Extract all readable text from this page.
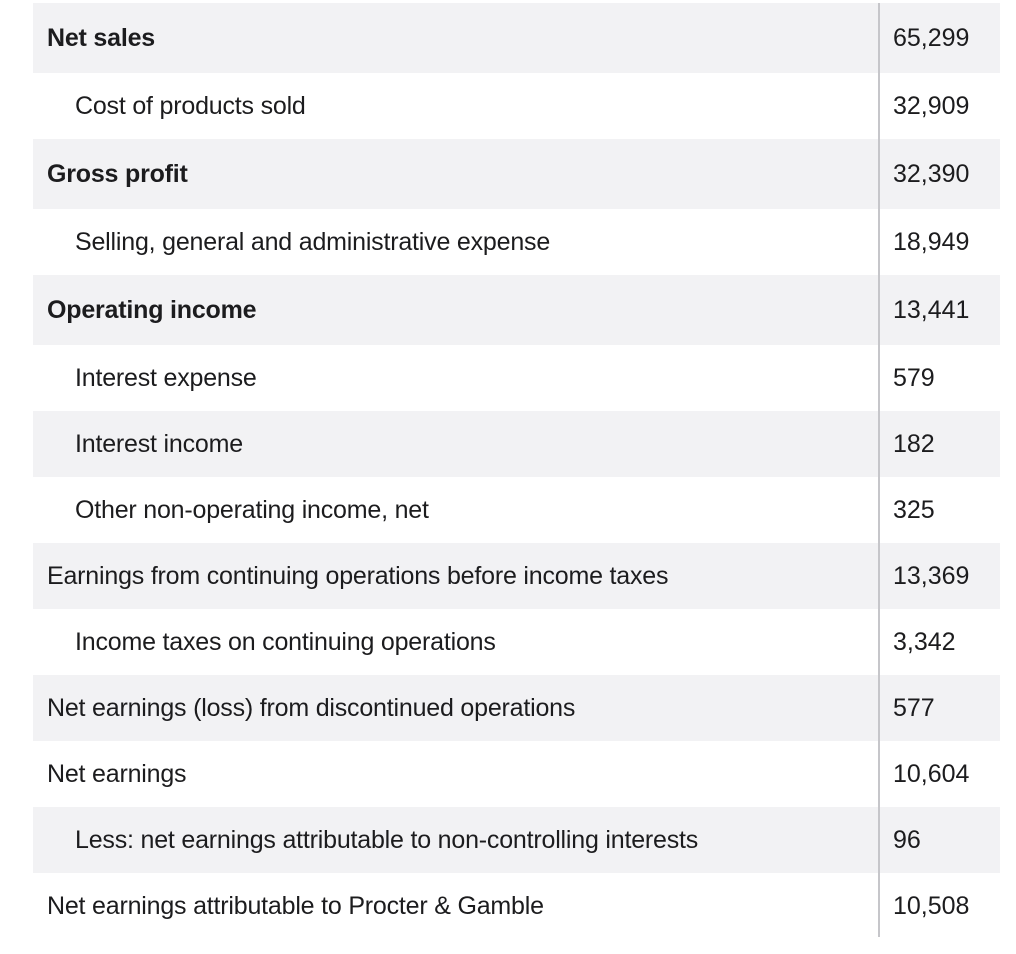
Net sales	65,299
Cost of products sold	32,909
Gross profit	32,390
Selling, general and administrative expense	18,949
Operating income	13,441
Interest expense	579
Interest income	182
Other non-operating income, net	325
Earnings from continuing operations before income taxes	13,369
Income taxes on continuing operations	3,342
Net earnings (loss) from discontinued operations	577
Net earnings	10,604
Less: net earnings attributable to non-controlling interests	96
Net earnings attributable to Procter & Gamble	10,508
